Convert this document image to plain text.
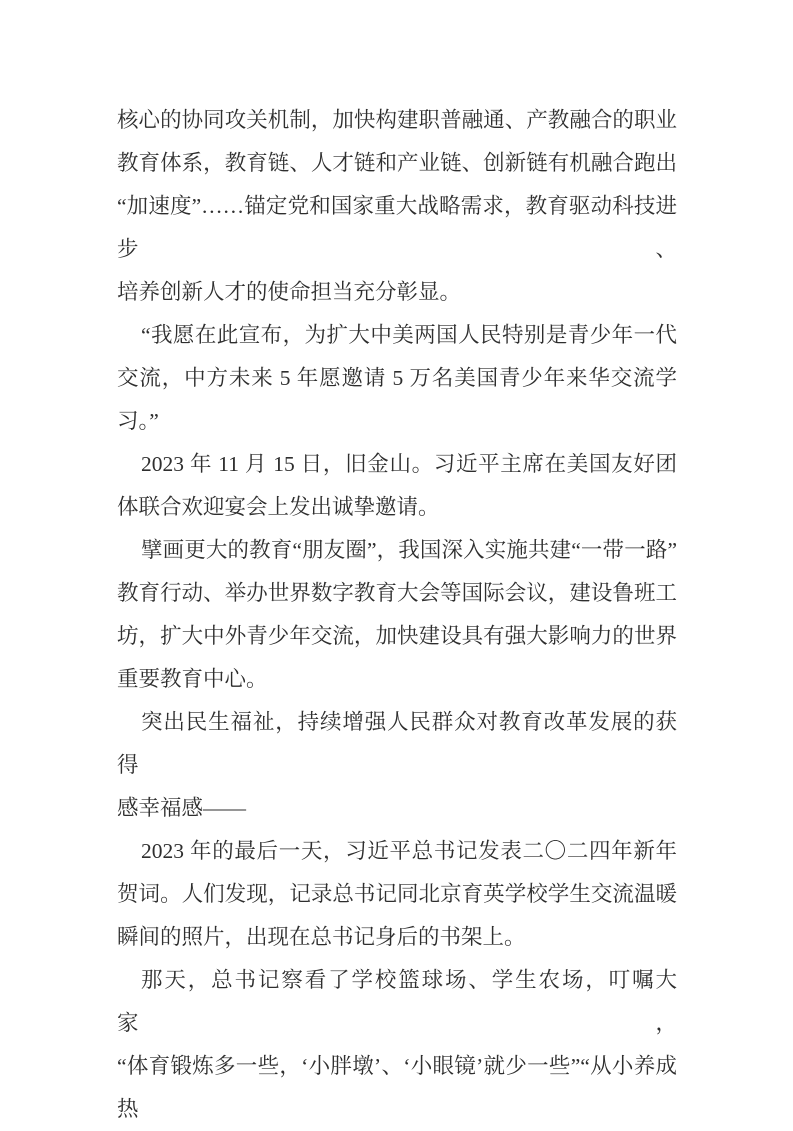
核心的协同攻关机制，加快构建职普融通、产教融合的职业
教育体系，教育链、人才链和产业链、创新链有机融合跑出
“加速度”……锚定党和国家重大战略需求，教育驱动科技进步、
培养创新人才的使命担当充分彰显。
“我愿在此宣布，为扩大中美两国人民特别是青少年一代
交流，中方未来 5 年愿邀请 5 万名美国青少年来华交流学
习。”
2023 年 11 月 15 日，旧金山。习近平主席在美国友好团
体联合欢迎宴会上发出诚挚邀请。
擘画更大的教育“朋友圈”，我国深入实施共建“一带一路”
教育行动、举办世界数字教育大会等国际会议，建设鲁班工
坊，扩大中外青少年交流，加快建设具有强大影响力的世界
重要教育中心。
突出民生福祉，持续增强人民群众对教育改革发展的获得
感幸福感——
2023 年的最后一天，习近平总书记发表二〇二四年新年
贺词。人们发现，记录总书记同北京育英学校学生交流温暖
瞬间的照片，出现在总书记身后的书架上。
那天，总书记察看了学校篮球场、学生农场，叮嘱大家，
“体育锻炼多一些，‘小胖墩’、‘小眼镜’就少一些”“从小养成热
